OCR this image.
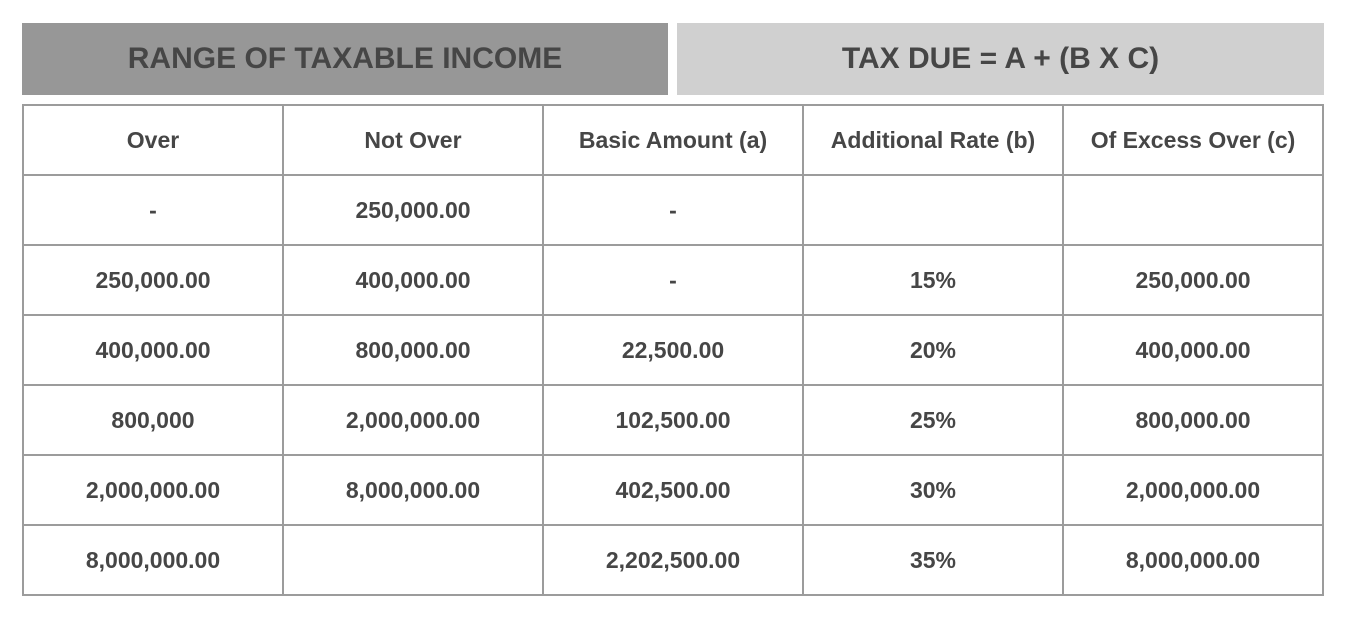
RANGE OF TAXABLE INCOME	TAX DUE = A + (B X C)
Over	Not Over	Basic Amount (a)	Additional Rate (b)	Of Excess Over (c)
-	250,000.00	-		
250,000.00	400,000.00	-	15%	250,000.00
400,000.00	800,000.00	22,500.00	20%	400,000.00
800,000	2,000,000.00	102,500.00	25%	800,000.00
2,000,000.00	8,000,000.00	402,500.00	30%	2,000,000.00
8,000,000.00		2,202,500.00	35%	8,000,000.00
